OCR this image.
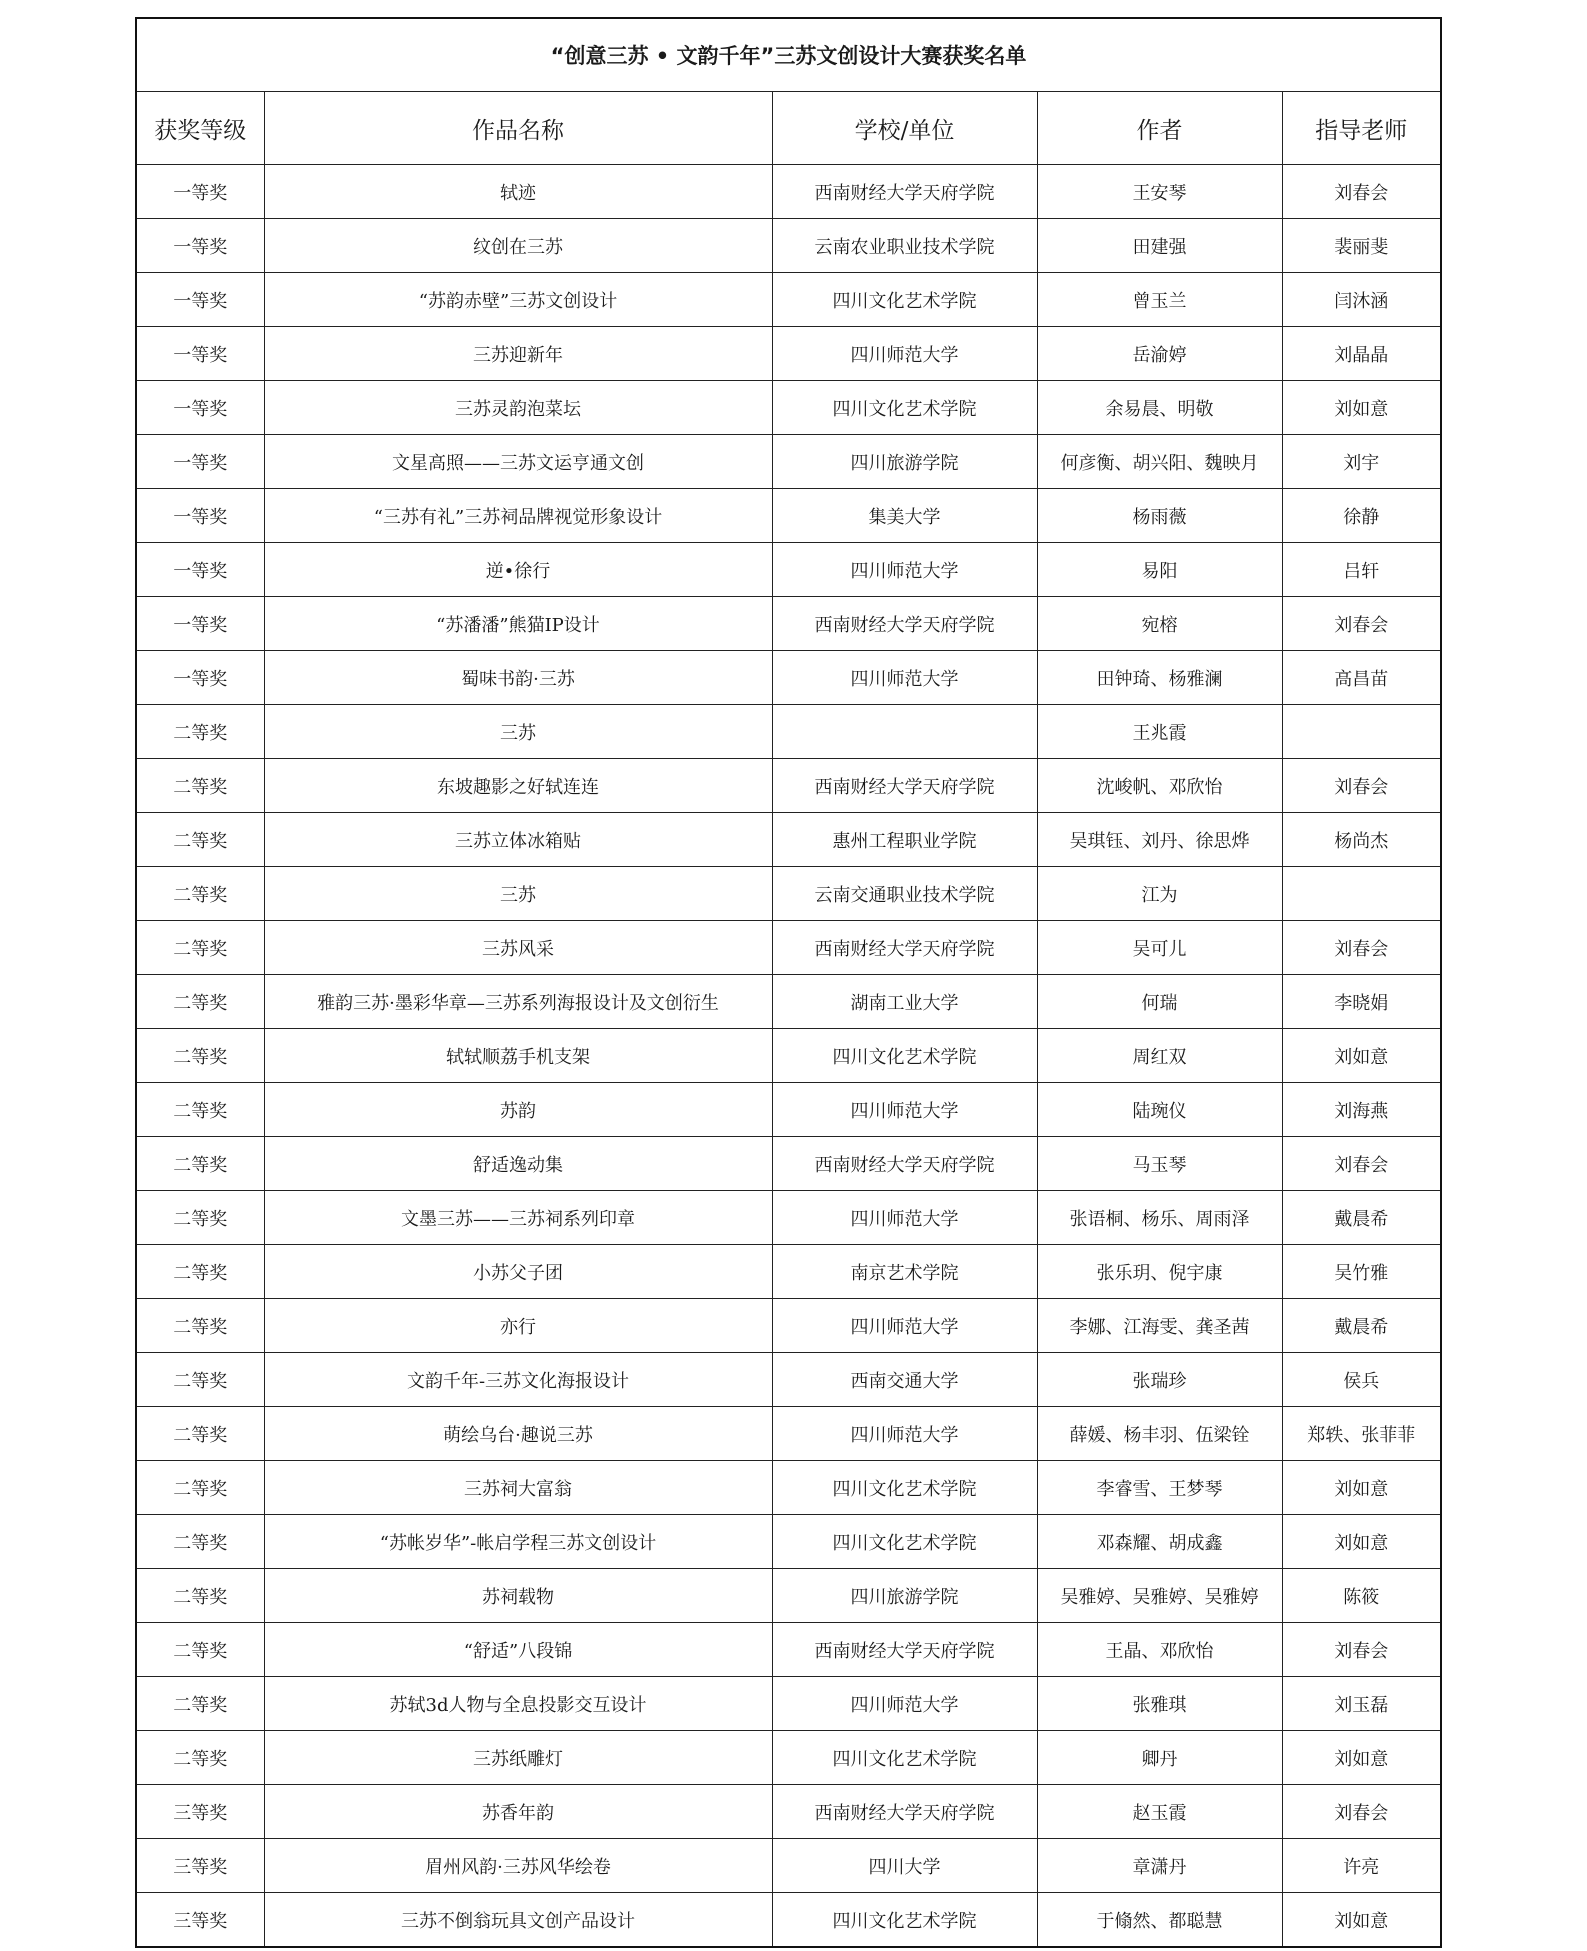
“创意三苏 • 文韵千年”三苏文创设计大赛获奖名单				
获奖等级	作品名称	学校/单位	作者	指导老师
一等奖	轼迹	西南财经大学天府学院	王安琴	刘春会
一等奖	纹创在三苏	云南农业职业技术学院	田建强	裴丽斐
一等奖	“苏韵赤壁”三苏文创设计	四川文化艺术学院	曾玉兰	闫沐涵
一等奖	三苏迎新年	四川师范大学	岳渝婷	刘晶晶
一等奖	三苏灵韵泡菜坛	四川文化艺术学院	余易晨、明敬	刘如意
一等奖	文星高照——三苏文运亨通文创	四川旅游学院	何彦衡、胡兴阳、魏映月	刘宇
一等奖	“三苏有礼”三苏祠品牌视觉形象设计	集美大学	杨雨薇	徐静
一等奖	逆•徐行	四川师范大学	易阳	吕轩
一等奖	“苏潘潘”熊猫IP设计	西南财经大学天府学院	宛榕	刘春会
一等奖	蜀味书韵·三苏	四川师范大学	田钟琦、杨雅澜	高昌苗
二等奖	三苏		王兆霞	
二等奖	东坡趣影之好轼连连	西南财经大学天府学院	沈峻帆、邓欣怡	刘春会
二等奖	三苏立体冰箱贴	惠州工程职业学院	吴琪钰、刘丹、徐思烨	杨尚杰
二等奖	三苏	云南交通职业技术学院	江为	
二等奖	三苏风采	西南财经大学天府学院	吴可儿	刘春会
二等奖	雅韵三苏·墨彩华章—三苏系列海报设计及文创衍生	湖南工业大学	何瑞	李晓娟
二等奖	轼轼顺荔手机支架	四川文化艺术学院	周红双	刘如意
二等奖	苏韵	四川师范大学	陆琬仪	刘海燕
二等奖	舒适逸动集	西南财经大学天府学院	马玉琴	刘春会
二等奖	文墨三苏——三苏祠系列印章	四川师范大学	张语桐、杨乐、周雨泽	戴晨希
二等奖	小苏父子团	南京艺术学院	张乐玥、倪宇康	吴竹雅
二等奖	亦行	四川师范大学	李娜、江海雯、龚圣茜	戴晨希
二等奖	文韵千年-三苏文化海报设计	西南交通大学	张瑞珍	侯兵
二等奖	萌绘乌台·趣说三苏	四川师范大学	薛媛、杨丰羽、伍梁铨	郑轶、张菲菲
二等奖	三苏祠大富翁	四川文化艺术学院	李睿雪、王梦琴	刘如意
二等奖	“苏帐岁华”-帐启学程三苏文创设计	四川文化艺术学院	邓森耀、胡成鑫	刘如意
二等奖	苏祠载物	四川旅游学院	吴雅婷、吴雅婷、吴雅婷	陈筱
二等奖	“舒适”八段锦	西南财经大学天府学院	王晶、邓欣怡	刘春会
二等奖	苏轼3d人物与全息投影交互设计	四川师范大学	张雅琪	刘玉磊
二等奖	三苏纸雕灯	四川文化艺术学院	卿丹	刘如意
三等奖	苏香年韵	西南财经大学天府学院	赵玉霞	刘春会
三等奖	眉州风韵·三苏风华绘卷	四川大学	章潇丹	许亮
三等奖	三苏不倒翁玩具文创产品设计	四川文化艺术学院	于翛然、都聪慧	刘如意
